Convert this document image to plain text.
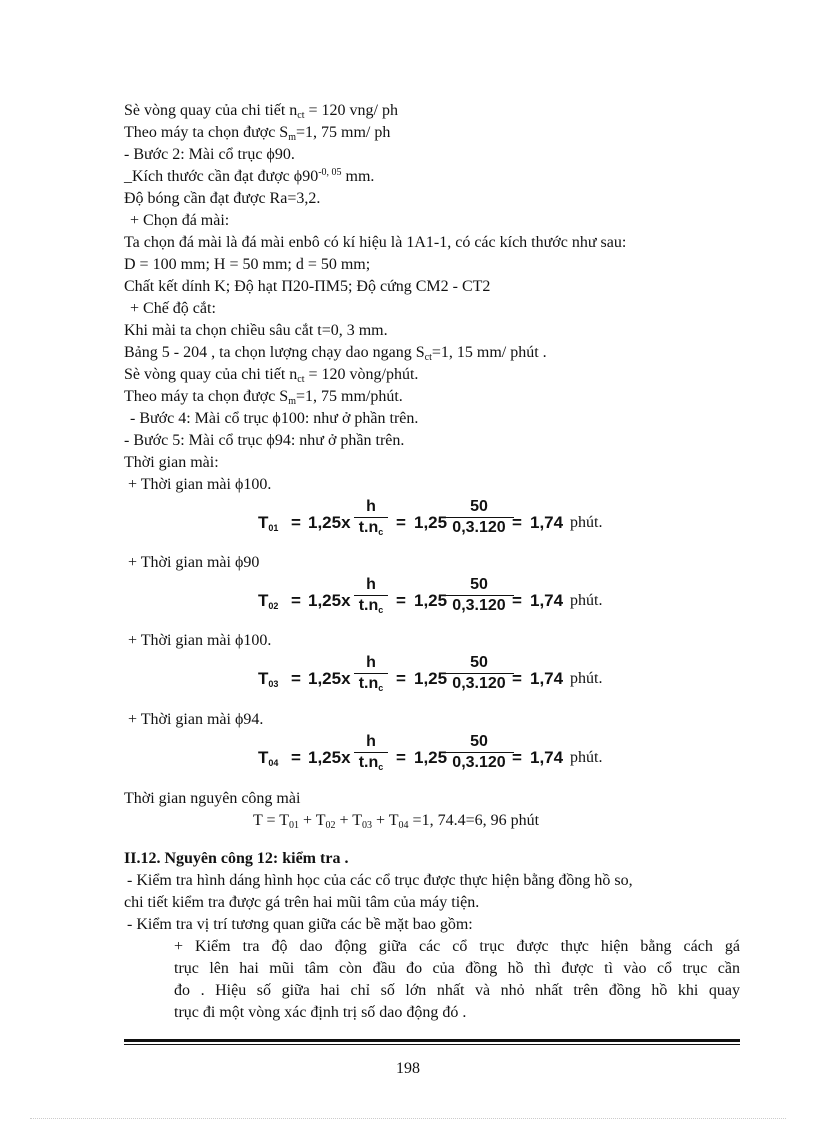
Sè vòng quay của chi tiết $n_{ct} = 120$ vng/ ph
Theo máy ta chọn được $S_m=1$, 75 mm/ ph
- Bước 2: Mài cổ trục ϕ90.
_Kích thước cần đạt được $\phi 90^{-0, 05}$ mm.
Độ bóng cần đạt được Ra=3,2.
+ Chọn đá mài:
Ta chọn đá mài là đá mài enbô có kí hiệu là 1A1-1, có các kích thước như sau:
D = 100 mm; H = 50 mm; d = 50 mm;
Chất kết dính K; Độ hạt Π20-ΠM5; Độ cứng CM2 - CT2
+ Chế độ cắt:
Khi mài ta chọn chiều sâu cắt t=0, 3 mm.
Bảng 5 - 204 , ta chọn lượng chạy dao ngang $S_{ct}=1$, 15 mm/ phút .
Sè vòng quay của chi tiết $n_{ct} = 120$ vòng/phút.
Theo máy ta chọn được $S_m=1$, 75 mm/phút.
- Bước 4: Mài cổ trục ϕ100: như ở phần trên.
- Bước 5: Mài cổ trục ϕ94: như ở phần trên.
Thời gian mài:
+ Thời gian mài ϕ100.
$T_{01} = 1,25x$
h
$t.n_c = 1,25$
50
0,3.120 = 1,74 phút.
+ Thời gian mài ϕ90
$T_{02} = 1,25x$
h
$t.n_c = 1,25$
50
0,3.120 = 1,74 phút.
+ Thời gian mài ϕ100.
$T_{03} = 1,25x$
h
$t.n_c = 1,25$
50
0,3.120 = 1,74 phút.
+ Thời gian mài ϕ94.
$T_{04} = 1,25x$
h
$t.n_c = 1,25$
50
0,3.120 = 1,74 phút.
Thời gian nguyên công mài
$T = T_{01} + T_{02} + T_{03} + T_{04} =1$, 74.4=6, 96 phút
II.12. Nguyên công 12: kiểm tra .
- Kiểm tra hình dáng hình học của các cổ trục được thực hiện bằng đồng hồ so,
chi tiết kiểm tra được gá trên hai mũi tâm của máy tiện.
- Kiểm tra vị trí tương quan giữa các bề mặt bao gồm:
+ Kiểm tra độ dao động giữa các cổ trục được thực hiện bằng cách gá
trục lên hai mũi tâm còn đầu đo của đồng hồ thì được tì vào cổ trục cần
đo . Hiệu số giữa hai chỉ số lớn nhất và nhỏ nhất trên đồng hồ khi quay
trục đi một vòng xác định trị số dao động đó .
198
